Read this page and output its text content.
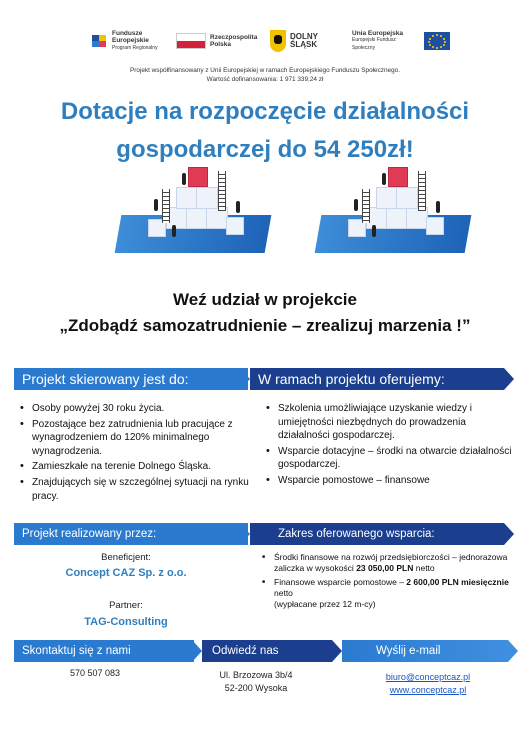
Fundusze
Europejskie
Program Regionalny
Rzeczpospolita
Polska
DOLNY
ŚLĄSK
Unia Europejska
Europejski Fundusz Społeczny
Projekt współfinansowany z Unii Europejskiej w ramach Europejskiego Funduszu Społecznego.
Wartość dofinansowania: 1 971 339,24 zł
Dotacje na rozpoczęcie działalności
gospodarczej do 54 250zł!
Weź udział w projekcie
„Zdobądź samozatrudnienie – zrealizuj marzenia !”
Projekt skierowany jest do:	W ramach projektu oferujemy:
• Osoby powyżej 30 roku życia.
• Pozostające bez zatrudnienia lub pracujące z wynagrodzeniem do 120% minimalnego wynagrodzenia.
• Zamieszkałe na terenie Dolnego Śląska.
• Znajdujących się w szczególnej sytuacji na rynku pracy.
• Szkolenia umożliwiające uzyskanie wiedzy i umiejętności niezbędnych do prowadzenia działalności gospodarczej.
• Wsparcie dotacyjne – środki na otwarcie działalności gospodarczej.
• Wsparcie pomostowe – finansowe
Projekt realizowany przez:	Zakres oferowanego wsparcia:
Beneficjent:
Concept CAZ Sp. z o.o.
Partner:
TAG-Consulting
■ Środki finansowe na rozwój przedsiębiorczości – jednorazowa zaliczka w wysokości 23 050,00 PLN netto
■ Finansowe wsparcie pomostowe – 2 600,00 PLN miesięcznie netto
(wypłacane przez 12 m-cy)
Skontaktuj się z nami	Odwiedź nas	Wyślij e-mail
570 507 083	Ul. Brzozowa 3b/4
52-200 Wysoka
biuro@conceptcaz.pl
www.conceptcaz.pl
